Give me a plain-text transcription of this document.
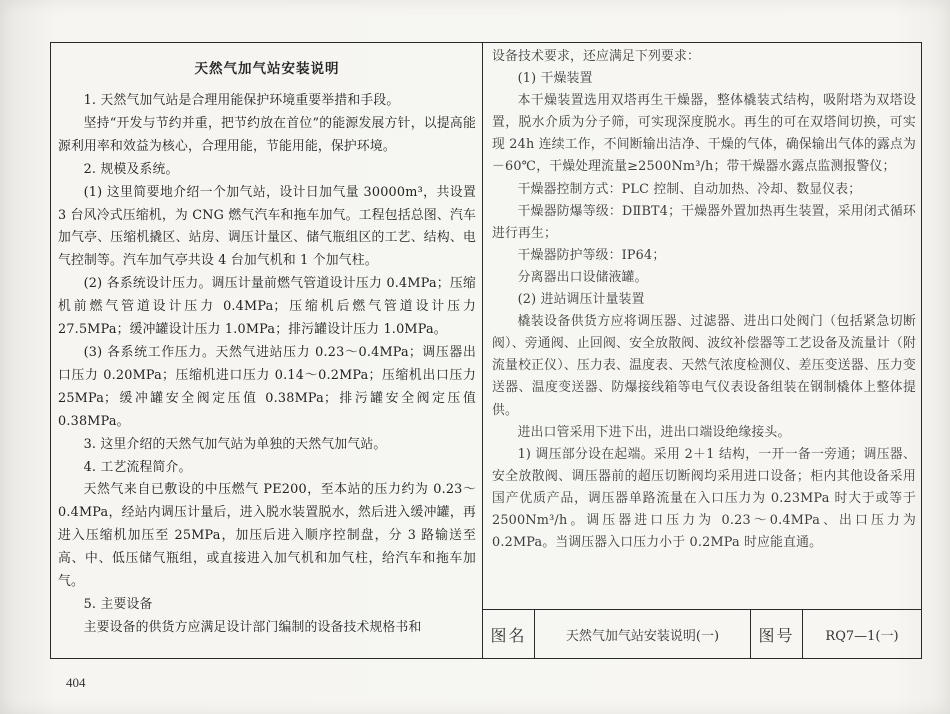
天然气加气站安装说明

1. 天然气加气站是合理用能保护环境重要举措和手段。

坚持“开发与节约并重，把节约放在首位”的能源发展方针，以提高能源利用率和效益为核心，合理用能，节能用能，保护环境。

2. 规模及系统。

(1) 这里简要地介绍一个加气站，设计日加气量 30000m³，共设置 3 台风冷式压缩机，为 CNG 燃气汽车和拖车加气。工程包括总图、汽车加气亭、压缩机撬区、站房、调压计量区、储气瓶组区的工艺、结构、电气控制等。汽车加气亭共设 4 台加气机和 1 个加气柱。

(2) 各系统设计压力。调压计量前燃气管道设计压力 0.4MPa；压缩机前燃气管道设计压力 0.4MPa；压缩机后燃气管道设计压力 27.5MPa；缓冲罐设计压力 1.0MPa；排污罐设计压力 1.0MPa。

(3) 各系统工作压力。天然气进站压力 0.23～0.4MPa；调压器出口压力 0.20MPa；压缩机进口压力 0.14～0.2MPa；压缩机出口压力 25MPa；缓冲罐安全阀定压值 0.38MPa；排污罐安全阀定压值 0.38MPa。

3. 这里介绍的天然气加气站为单独的天然气加气站。

4. 工艺流程简介。

天然气来自已敷设的中压燃气 PE200，至本站的压力约为 0.23～0.4MPa，经站内调压计量后，进入脱水装置脱水，然后进入缓冲罐，再进入压缩机加压至 25MPa，加压后进入顺序控制盘，分 3 路输送至高、中、低压储气瓶组，或直接进入加气机和加气柱，给汽车和拖车加气。

5. 主要设备

主要设备的供货方应满足设计部门编制的设备技术规格书和

设备技术要求，还应满足下列要求：

(1) 干燥装置

本干燥装置选用双塔再生干燥器，整体橇装式结构，吸附塔为双塔设置，脱水介质为分子筛，可实现深度脱水。再生的可在双塔间切换，可实现 24h 连续工作，不间断输出洁净、干燥的气体，确保输出气体的露点为－60℃，干燥处理流量≥2500Nm³/h；带干燥器水露点监测报警仪；

干燥器控制方式：PLC 控制、自动加热、冷却、数显仪表；

干燥器防爆等级：DⅡBT4；干燥器外置加热再生装置，采用闭式循环进行再生；

干燥器防护等级：ⅠP64；

分离器出口设储液罐。

(2) 进站调压计量装置

橇装设备供货方应将调压器、过滤器、进出口处阀门（包括紧急切断阀）、旁通阀、止回阀、安全放散阀、波纹补偿器等工艺设备及流量计（附流量校正仪）、压力表、温度表、天然气浓度检测仪、差压变送器、压力变送器、温度变送器、防爆接线箱等电气仪表设备组装在钢制橇体上整体提供。

进出口管采用下进下出，进出口端设绝缘接头。

1) 调压部分设在起端。采用 2＋1 结构，一开一备一旁通；调压器、安全放散阀、调压器前的超压切断阀均采用进口设备；柜内其他设备采用国产优质产品，调压器单路流量在入口压力为 0.23MPa 时大于或等于 2500Nm³/h。调压器进口压力为 0.23～0.4MPa、出口压力为 0.2MPa。当调压器入口压力小于 0.2MPa 时应能直通。

图名	天然气加气站安装说明(一)	图号	RQ7—1(一)
404
